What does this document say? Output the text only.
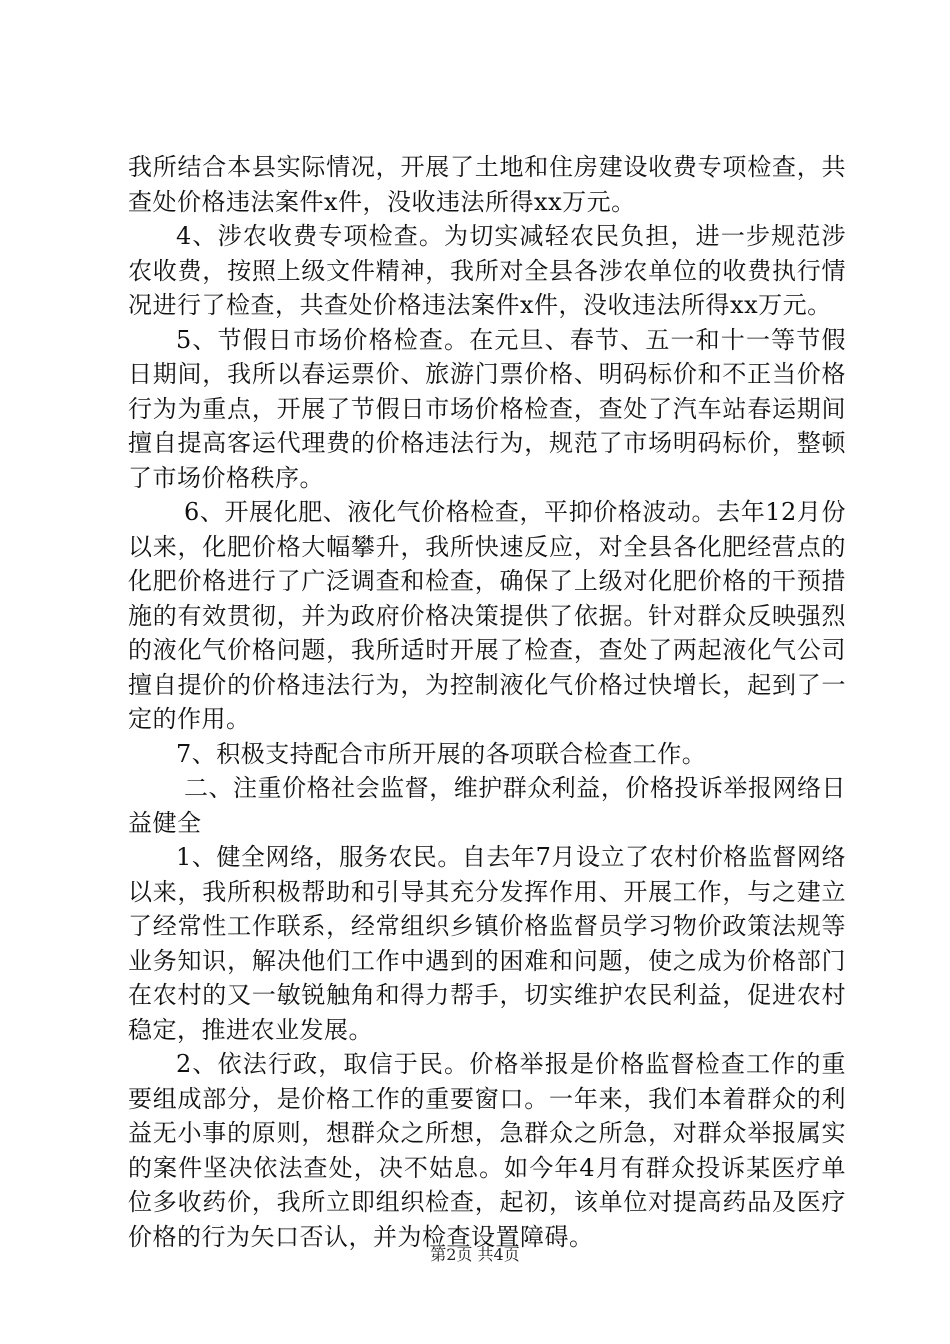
我所结合本县实际情况，开展了土地和住房建设收费专项检查，共查处价格违法案件x件，没收违法所得xx万元。

4、涉农收费专项检查。为切实减轻农民负担，进一步规范涉农收费，按照上级文件精神，我所对全县各涉农单位的收费执行情况进行了检查，共查处价格违法案件x件，没收违法所得xx万元。

5、节假日市场价格检查。在元旦、春节、五一和十一等节假日期间，我所以春运票价、旅游门票价格、明码标价和不正当价格行为为重点，开展了节假日市场价格检查，查处了汽车站春运期间擅自提高客运代理费的价格违法行为，规范了市场明码标价，整顿了市场价格秩序。

6、开展化肥、液化气价格检查，平抑价格波动。去年12月份以来，化肥价格大幅攀升，我所快速反应，对全县各化肥经营点的化肥价格进行了广泛调查和检查，确保了上级对化肥价格的干预措施的有效贯彻，并为政府价格决策提供了依据。针对群众反映强烈的液化气价格问题，我所适时开展了检查，查处了两起液化气公司擅自提价的价格违法行为，为控制液化气价格过快增长，起到了一定的作用。

7、积极支持配合市所开展的各项联合检查工作。

二、注重价格社会监督，维护群众利益，价格投诉举报网络日益健全

1、健全网络，服务农民。自去年7月设立了农村价格监督网络以来，我所积极帮助和引导其充分发挥作用、开展工作，与之建立了经常性工作联系，经常组织乡镇价格监督员学习物价政策法规等业务知识，解决他们工作中遇到的困难和问题，使之成为价格部门在农村的又一敏锐触角和得力帮手，切实维护农民利益，促进农村稳定，推进农业发展。

2、依法行政，取信于民。价格举报是价格监督检查工作的重要组成部分，是价格工作的重要窗口。一年来，我们本着群众的利益无小事的原则，想群众之所想，急群众之所急，对群众举报属实的案件坚决依法查处，决不姑息。如今年4月有群众投诉某医疗单位多收药价，我所立即组织检查，起初，该单位对提高药品及医疗价格的行为矢口否认，并为检查设置障碍。

第2页 共4页
